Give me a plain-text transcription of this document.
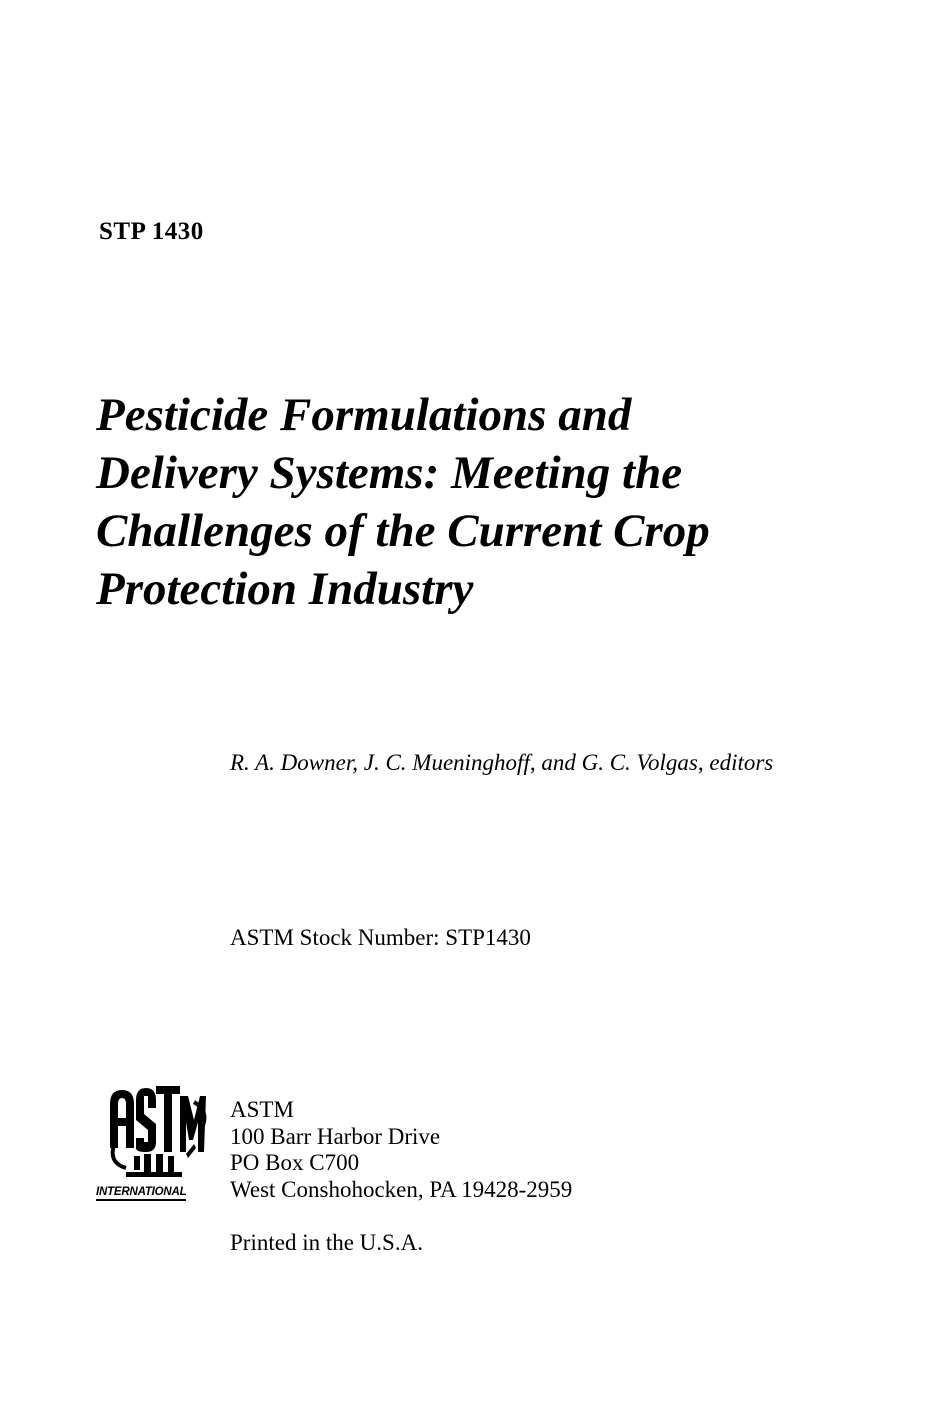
STP 1430
Pesticide Formulations and
Delivery Systems: Meeting the
Challenges of the Current Crop
Protection Industry
R. A. Downer, J. C. Mueninghoff, and G. C. Volgas, editors
ASTM Stock Number: STP1430
INTERNATIONAL
ASTM
100 Barr Harbor Drive
PO Box C700
West Conshohocken, PA 19428-2959
Printed in the U.S.A.
